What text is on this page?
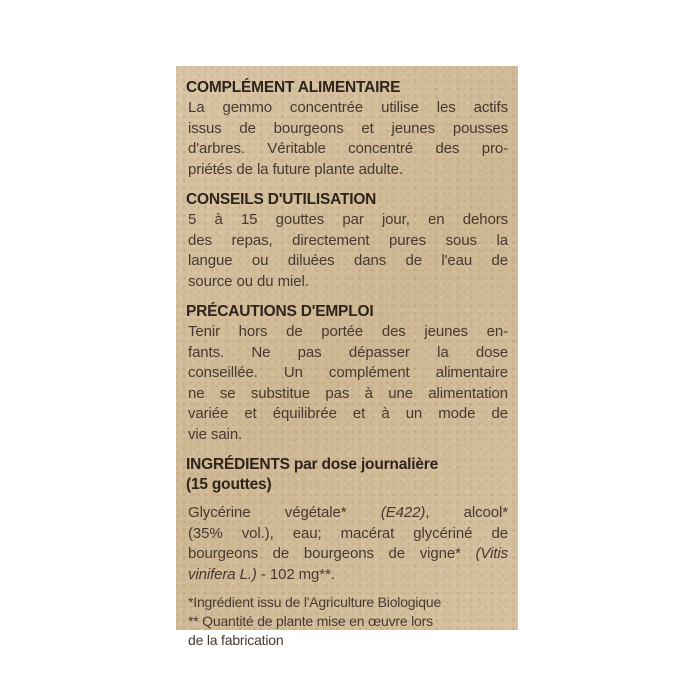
COMPLÉMENT ALIMENTAIRE
La gemmo concentrée utilise les actifs
issus de bourgeons et jeunes pousses
d'arbres. Véritable concentré des pro-
priétés de la future plante adulte.
CONSEILS D'UTILISATION
5 à 15 gouttes par jour, en dehors
des repas, directement pures sous la
langue ou diluées dans de l'eau de
source ou du miel.
PRÉCAUTIONS D'EMPLOI
Tenir hors de portée des jeunes en-
fants. Ne pas dépasser la dose
conseillée. Un complément alimentaire
ne se substitue pas à une alimentation
variée et équilibrée et à un mode de
vie sain.
INGRÉDIENTS par dose journalière
(15 gouttes)
Glycérine végétale* (E422), alcool*
(35% vol.), eau; macérat glycériné de
bourgeons de bourgeons de vigne* (Vitis
vinifera L.) - 102 mg**.
*Ingrédient issu de l'Agriculture Biologique
** Quantité de plante mise en œuvre lors
de la fabrication
